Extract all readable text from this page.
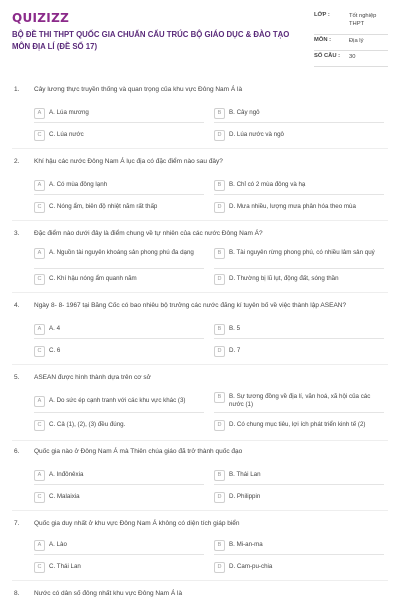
QUIZIZZ
BỘ ĐỀ THI THPT QUỐC GIA CHUẨN CẤU TRÚC BỘ GIÁO DỤC & ĐÀO TẠO MÔN ĐỊA LÍ (ĐỀ SỐ 17)
LỚP :	Tốt nghiệp THPT
MÔN :	Địa lý
SỐ CÂU :	30
1. Cây lương thực truyền thống và quan trọng của khu vực Đông Nam Á là
A	A. Lúa mương	B	B. Cây ngô
C	C. Lúa nước	D	D. Lúa nước và ngô
2. Khí hậu các nước Đông Nam Á lục địa có đặc điểm nào sau đây?
A	A. Có mùa đông lạnh	B	B. Chỉ có 2 mùa đông và hạ
C	C. Nóng ẩm, biên độ nhiệt năm rất thấp	D	D. Mưa nhiều, lượng mưa phân hóa theo mùa
3. Đặc điểm nào dưới đây là điểm chung về tự nhiên của các nước Đông Nam Á?
A	A. Nguồn tài nguyên khoáng sản phong phú đa dạng	B	B. Tài nguyên rừng phong phú, có nhiều lâm sản quý
C	C. Khí hậu nóng ẩm quanh năm	D	D. Thường bị lũ lụt, động đất, sóng thần
4. Ngày 8- 8- 1967 tại Băng Cốc có bao nhiêu bộ trưởng các nước đăng kí tuyên bố về việc thành lập ASEAN?
A	A. 4	B	B. 5
C	C. 6	D	D. 7
5. ASEAN được hình thành dựa trên cơ sở
A	A. Do sức ép cạnh tranh với các khu vực khác (3)	B	B. Sự tương đồng về địa lí, văn hoá, xã hội của các nước (1)
C	C. Cả (1), (2), (3) đều đúng.	D	D. Có chung mục tiêu, lợi ích phát triển kinh tế (2)
6. Quốc gia nào ở Đông Nam Á mà Thiên chúa giáo đã trở thành quốc đạo
A	A. Inđônêxia	B	B. Thái Lan
C	C. Malaixia	D	D. Philippin
7. Quốc gia duy nhất ở khu vực Đông Nam Á không có diện tích giáp biển
A	A. Lào	B	B. Mi-an-ma
C	C. Thái Lan	D	D. Cam-pu-chia
8. Nước có dân số đông nhất khu vực Đông Nam Á là
